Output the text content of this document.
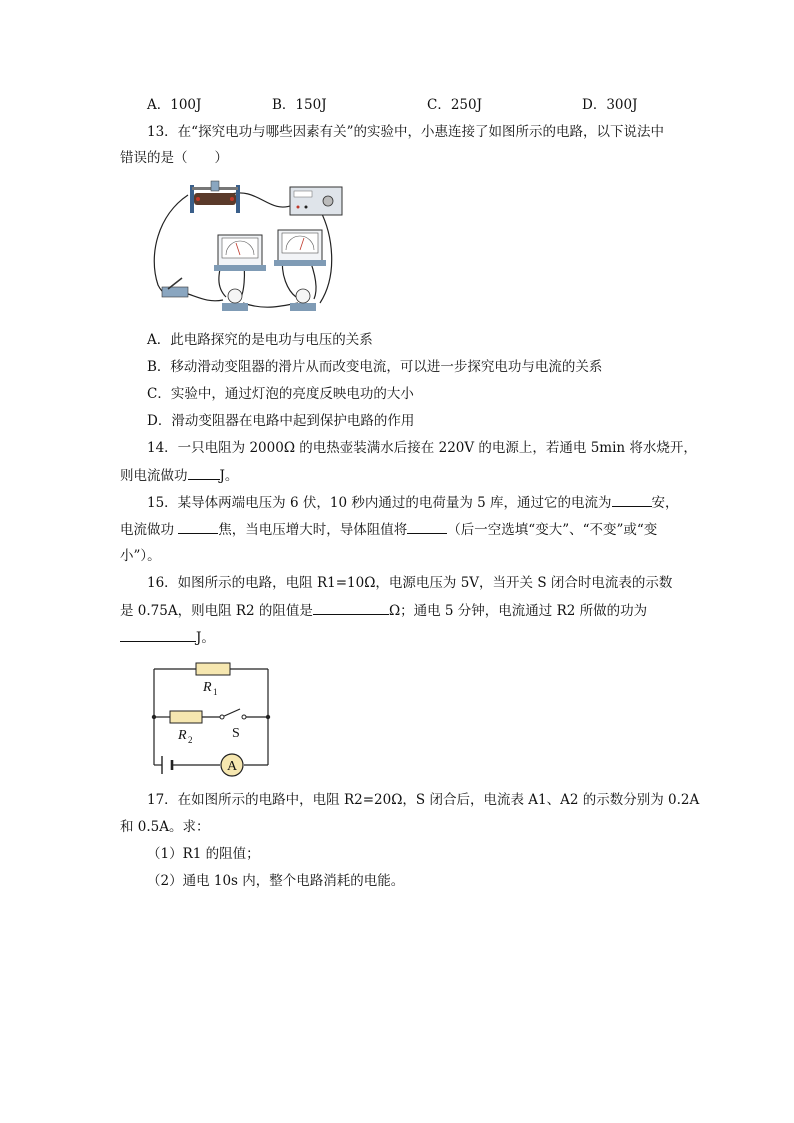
A．100J	B．150J	C．250J	D．300J
13．在“探究电功与哪些因素有关”的实验中，小惠连接了如图所示的电路，以下说法中
错误的是（　　）
A．此电路探究的是电功与电压的关系
B．移动滑动变阻器的滑片从而改变电流，可以进一步探究电功与电流的关系
C．实验中，通过灯泡的亮度反映电功的大小
D．滑动变阻器在电路中起到保护电路的作用
14．一只电阻为 2000Ω 的电热壶装满水后接在 220V 的电源上，若通电 5min 将水烧开，
则电流做功 J。
15．某导体两端电压为 6 伏，10 秒内通过的电荷量为 5 库，通过它的电流为	安，
电流做功	焦，当电压增大时，导体阻值将	（后一空选填“变大”、“不变”或“变
小”）。
16．如图所示的电路，电阻 R1=10Ω，电源电压为 5V，当开关 S 闭合时电流表的示数
是 0.75A，则电阻 R2 的阻值是	Ω；通电 5 分钟，电流通过 R2 所做的功为
J。
A
R 1
R 2	S
17．在如图所示的电路中，电阻 R2=20Ω，S 闭合后，电流表 A1、A2 的示数分别为 0.2A
和 0.5A。求：
（1）R1 的阻值；
（2）通电 10s 内，整个电路消耗的电能。
